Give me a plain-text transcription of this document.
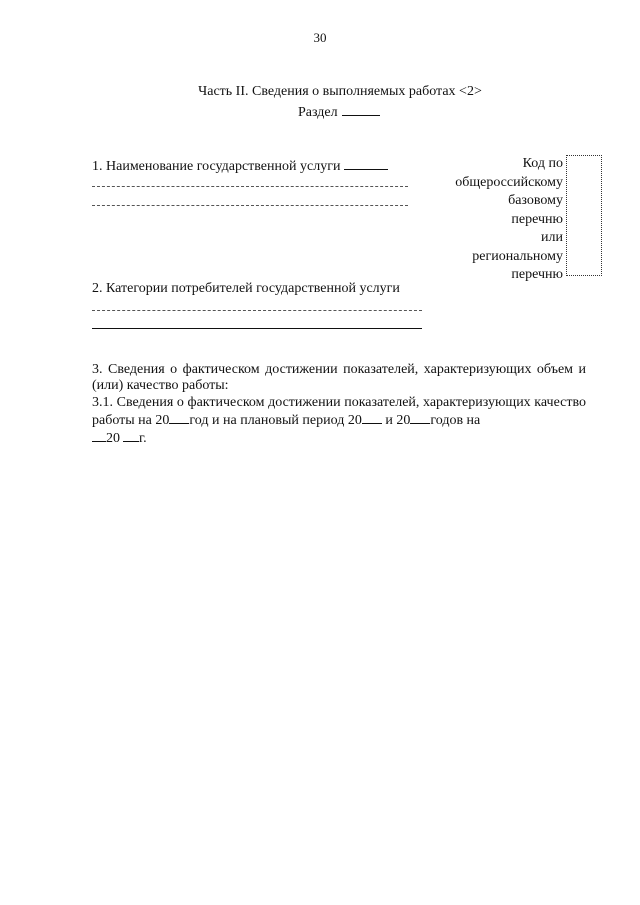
30
Часть II. Сведения о выполняемых работах <2>
Раздел
1. Наименование государственной услуги	Код по
общероссийскому
базовому
перечню
или
региональному
перечню
2. Категории потребителей государственной услуги
3. Сведения о фактическом достижении показателей, характеризующих объем и (или) качество работы:
3.1. Сведения о фактическом достижении показателей, характеризующих качество работы на 20 год и на плановый период 20 и 20 годов на
20 г.
